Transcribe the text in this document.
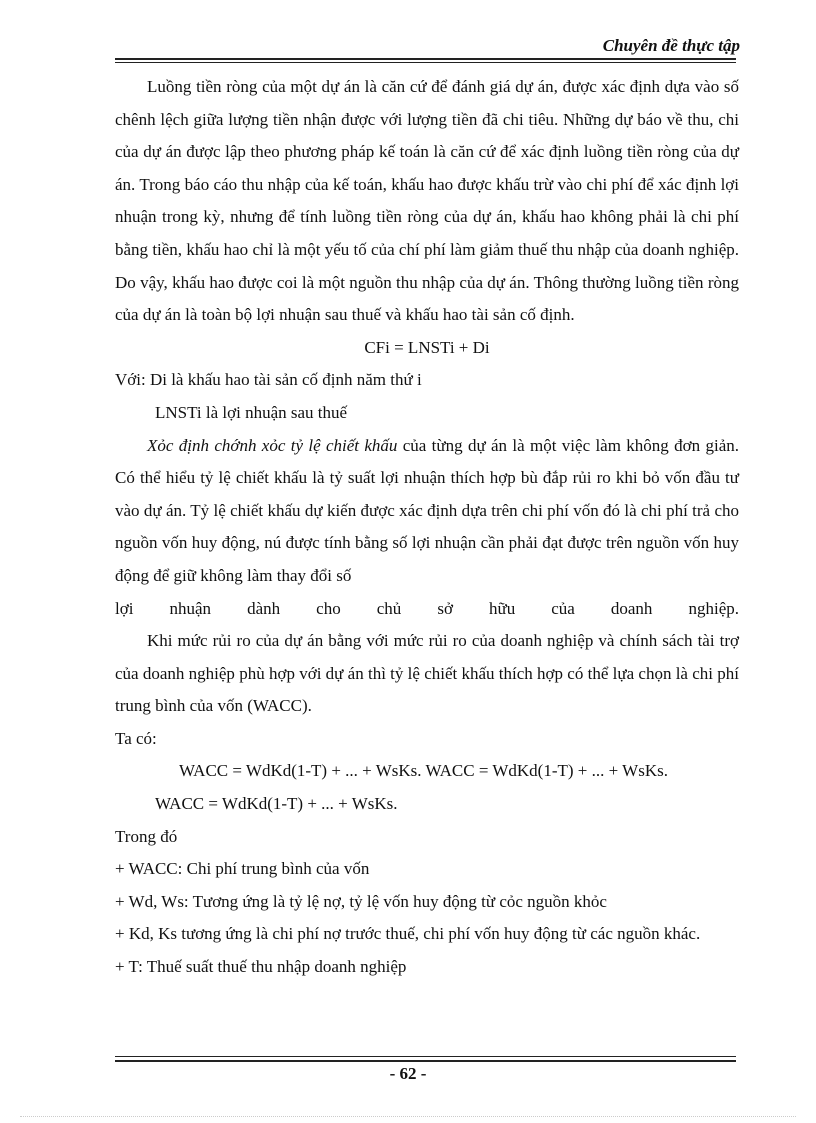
Chuyên đề thực tập

Luồng tiền ròng của một dự án là căn cứ để đánh giá dự án, được xác định dựa vào số chênh lệch giữa lượng tiền nhận được với lượng tiền đã chi tiêu. Những dự báo về thu, chi của dự án được lập theo phương pháp kế toán là căn cứ để xác định luồng tiền ròng của dự án. Trong báo cáo thu nhập của kế toán, khấu hao được khấu trừ vào chi phí để xác định lợi nhuận trong kỳ, nhưng để tính luồng tiền ròng của dự án, khấu hao không phải là chi phí bằng tiền, khấu hao chỉ là một yếu tố của chí phí làm giảm thuế thu nhập của doanh nghiệp. Do vậy, khấu hao được coi là một nguồn thu nhập của dự án. Thông thường luồng tiền ròng của dự án là toàn bộ lợi nhuận sau thuế và khấu hao tài sản cố định.

CFi = LNSTi + Di

Với: Di là khấu hao tài sản cố định năm thứ i

LNSTi là lợi nhuận sau thuế

Xỏc định chớnh xỏc tỷ lệ chiết khấu của từng dự án là một việc làm không đơn giản. Có thể hiểu tỷ lệ chiết khấu là tỷ suất lợi nhuận thích hợp bù đắp rủi ro khi bỏ vốn đầu tư vào dự án. Tỷ lệ chiết khấu dự kiến được xác định dựa trên chi phí vốn đó là chi phí trả cho nguồn vốn huy động, nú được tính bằng số lợi nhuận cần phải đạt được trên nguồn vốn huy động để giữ không làm thay đổi số

lợi nhuận dành cho chủ sở hữu của doanh nghiệp.

Khi mức rủi ro của dự án bằng với mức rủi ro của doanh nghiệp và chính sách tài trợ của doanh nghiệp phù hợp với dự án thì tỷ lệ chiết khấu thích hợp có thể lựa chọn là chi phí trung bình của vốn (WACC).

Ta có:

WACC = WdKd(1-T) + ... + WsKs. WACC = WdKd(1-T) + ... + WsKs.

WACC = WdKd(1-T) + ... + WsKs.

Trong đó

+ WACC: Chi phí trung bình của vốn

+ Wd, Ws: Tương ứng là tỷ lệ nợ, tỷ lệ vốn huy động từ cỏc nguồn khỏc

+ Kd, Ks tương ứng là chi phí nợ trước thuế, chi phí vốn huy động từ các nguồn khác.

+ T: Thuế suất thuế thu nhập doanh nghiệp

- 62 -
